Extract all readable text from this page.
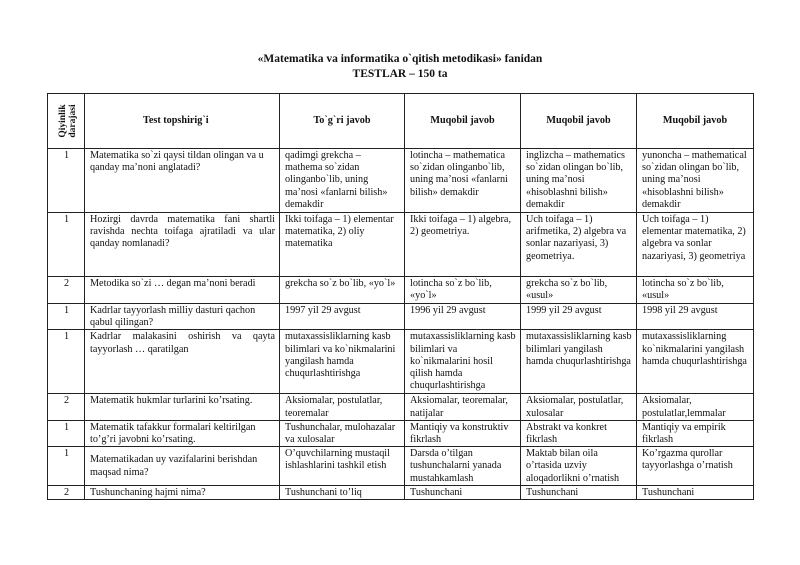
«Matematika va informatika o`qitish metodikasi» fanidan
TESTLAR – 150 ta
Qiyinlik darajasi	Test topshirig`i	To`g`ri javob	Muqobil javob	Muqobil javob	Muqobil javob
1	Matematika so`zi qaysi tildan olingan va u qanday ma’noni anglatadi?	qadimgi grekcha – mathema so`zidan olinganbo`lib, uning ma’nosi «fanlarni bilish» demakdir	lotincha – mathematica so`zidan olinganbo`lib, uning ma’nosi «fanlarni bilish» demakdir	inglizcha – mathematics so`zidan olingan bo`lib, uning ma’nosi «hisoblashni bilish» demakdir	yunoncha – mathematical so`zidan olingan bo`lib, uning ma’nosi «hisoblashni bilish» demakdir
1	Hozirgi davrda matematika fani shartli ravishda nechta toifaga ajratiladi va ular qanday nomlanadi?	Ikki toifaga – 1) elementar matematika, 2) oliy matematika	Ikki toifaga – 1) algebra, 2) geometriya.	Uch toifaga – 1) arifmetika, 2) algebra va sonlar nazariyasi, 3) geometriya.	Uch toifaga – 1) elementar matematika, 2) algebra va sonlar nazariyasi, 3) geometriya
2	Metodika so`zi … degan ma’noni beradi	grekcha so`z bo`lib, «yo`l»	lotincha so`z bo`lib, «yo`l»	grekcha so`z bo`lib, «usul»	lotincha so`z bo`lib, «usul»
1	Kadrlar tayyorlash milliy dasturi qachon qabul qilingan?	1997 yil 29 avgust	1996 yil 29 avgust	1999 yil 29 avgust	1998 yil 29 avgust
1	Kadrlar malakasini oshirish va qayta tayyorlash … qaratilgan	mutaxassisliklarning kasb bilimlari va ko`nikmalarini yangilash hamda chuqurlashtirishga	mutaxassisliklarning kasb bilimlari va ko`nikmalarini hosil qilish hamda chuqurlashtirishga	mutaxassisliklarning kasb bilimlari yangilash hamda chuqurlashtirishga	mutaxassisliklarning ko`nikmalarini yangilash hamda chuqurlashtirishga
2	Matematik hukmlar turlarini ko’rsating.	Aksiomalar, postulatlar, teoremalar	Aksiomalar, teoremalar, natijalar	Aksiomalar, postulatlar, xulosalar	Aksiomalar, postulatlar,lemmalar
1	Matematik tafakkur formalari keltirilgan to’g’ri javobni ko’rsating.	Tushunchalar, mulohazalar va xulosalar	Mantiqiy va konstruktiv fikrlash	Abstrakt va konkret fikrlash	Mantiqiy va empirik fikrlash
1	Matematikadan uy vazifalarini berishdan maqsad nima?	O’quvchilarning mustaqil ishlashlarini tashkil etish	Darsda o’tilgan tushunchalarni yanada mustahkamlash	Maktab bilan oila o’rtasida uzviy aloqadorlikni o’rnatish	Ko’rgazma qurollar tayyorlashga o’rnatish
2	Tushunchaning hajmi nima?	Tushunchani to’liq	Tushunchani	Tushunchani	Tushunchani
